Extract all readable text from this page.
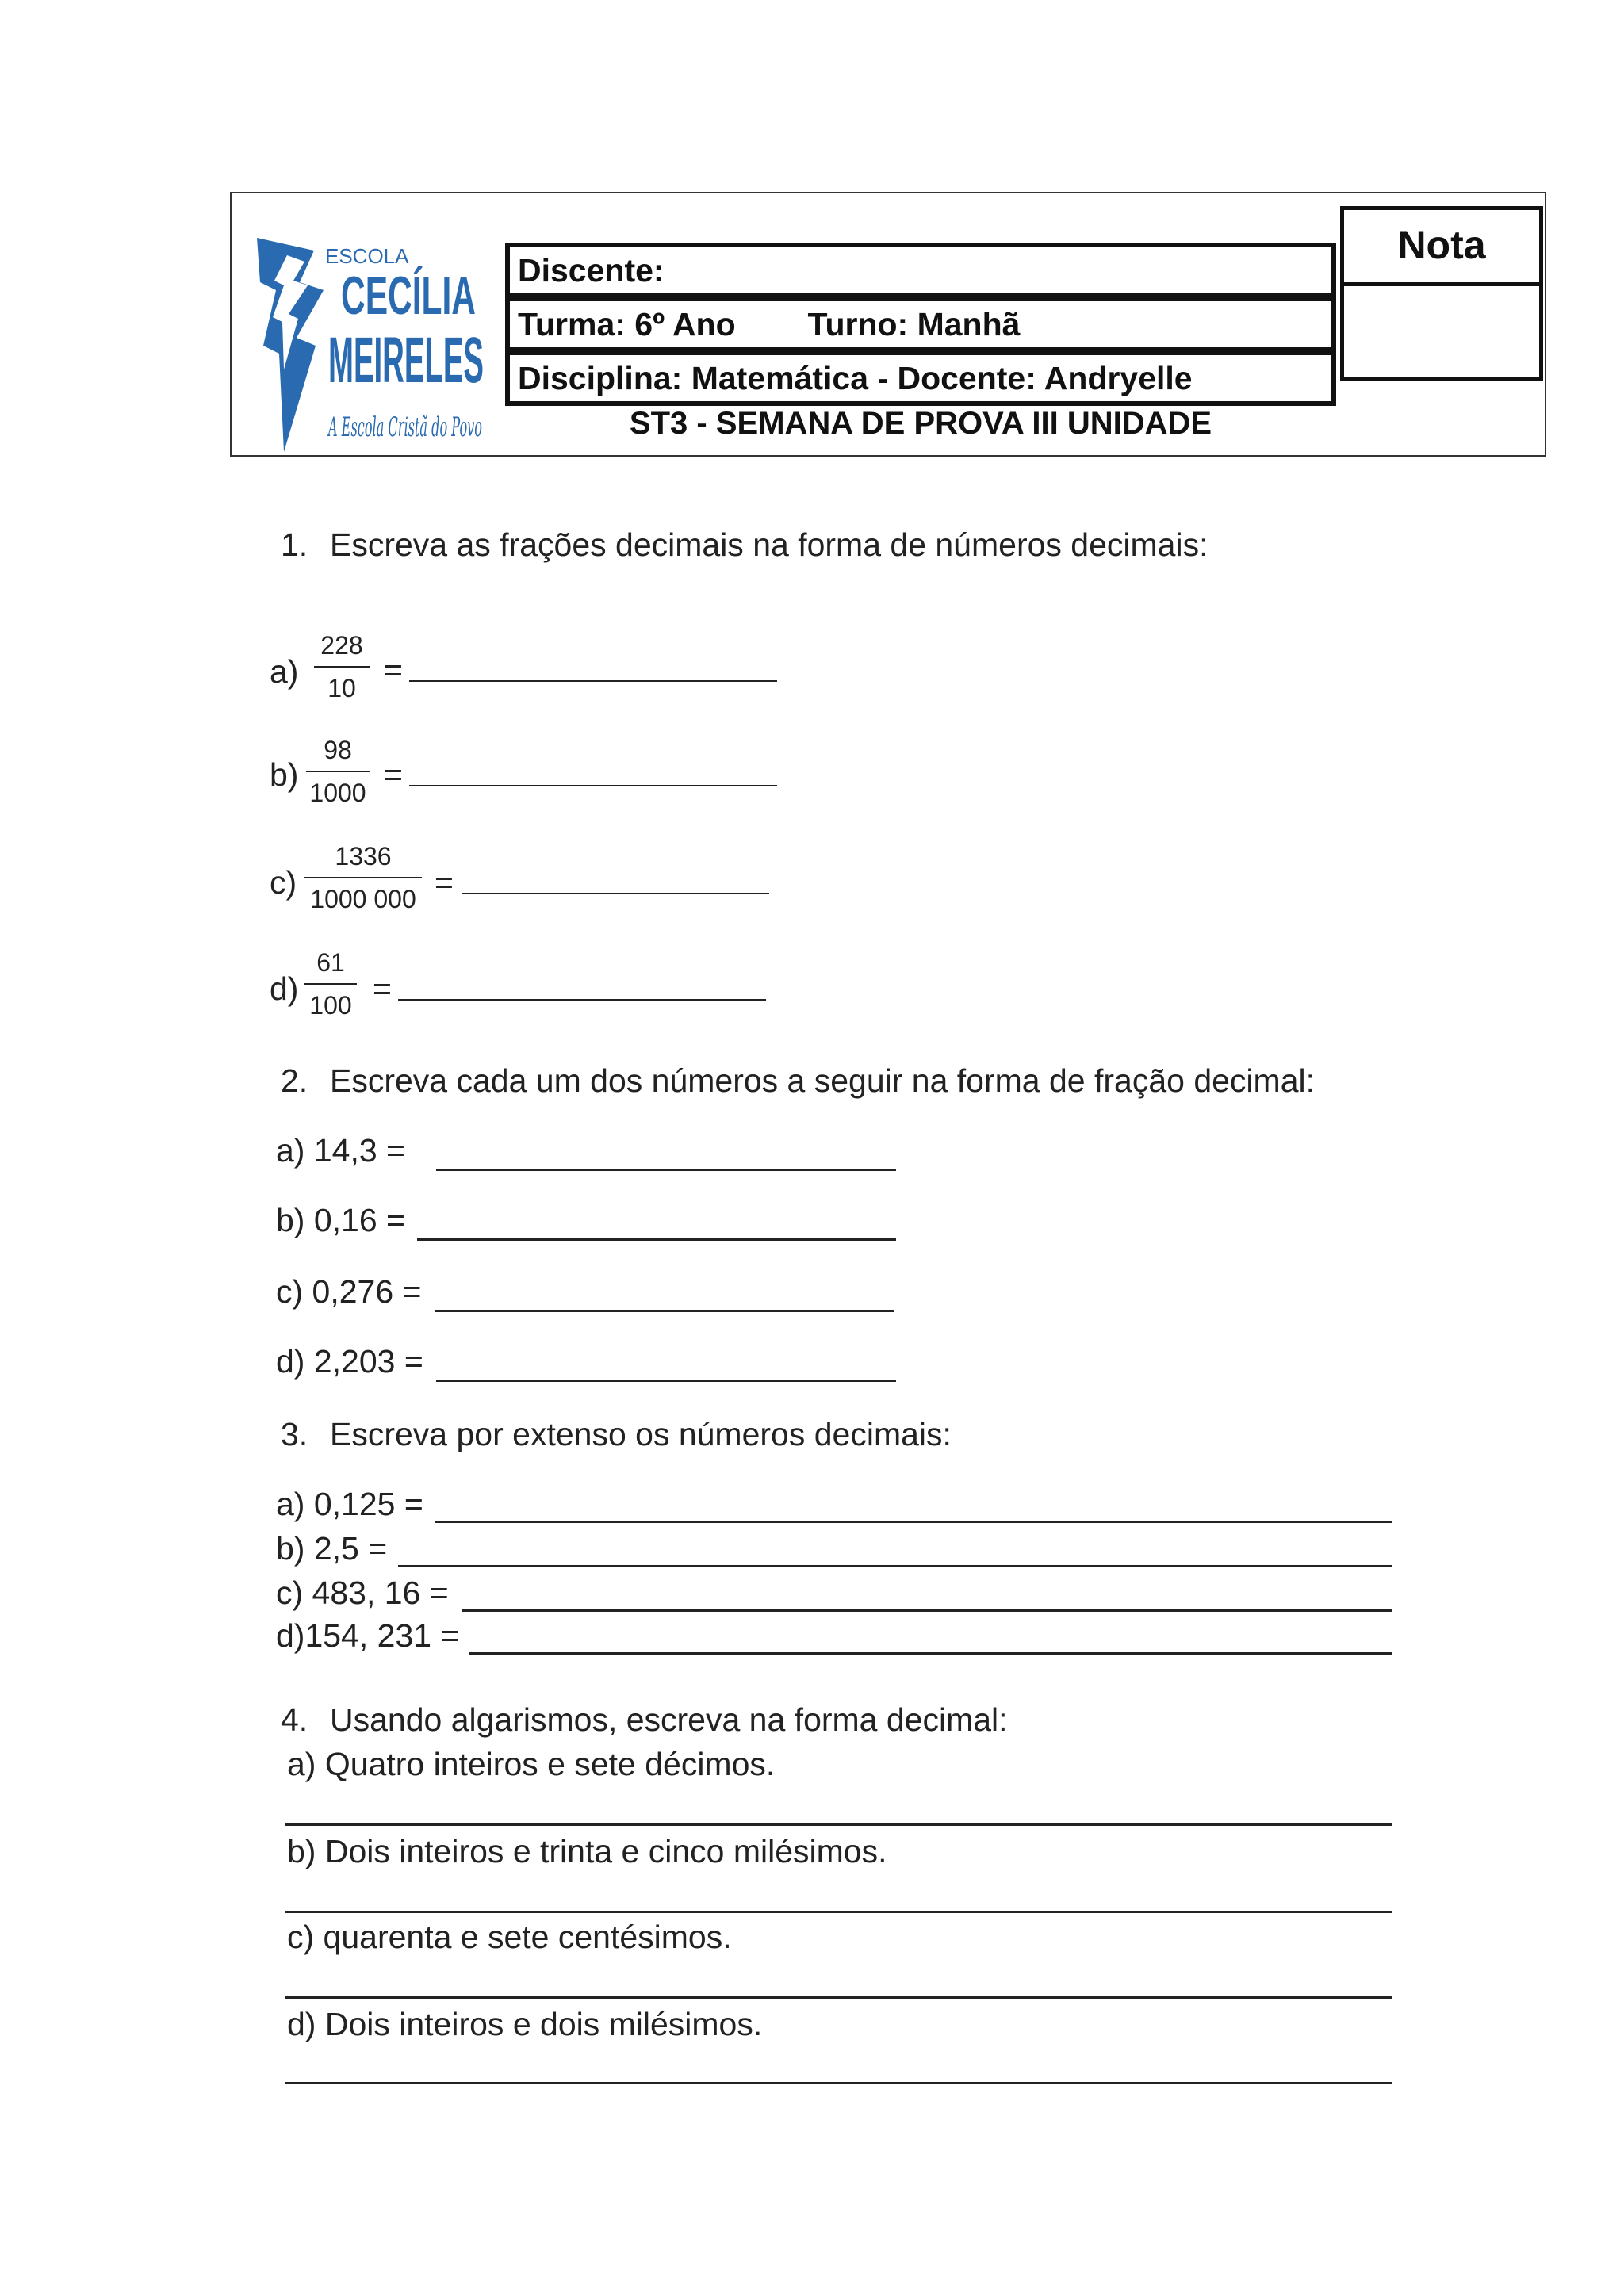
ESCOLA
CECÍLIA
MEIRELES
A Escola Cristã do Povo
Discente:
Turma: 6º Ano Turno: Manhã
Disciplina: Matemática - Docente: Andryelle
ST3 - SEMANA DE PROVA III UNIDADE
Nota
1. Escreva as frações decimais na forma de números decimais:
a)
228
10 =
b)
98
1000 =
c)
1336
1000 000 =
d)
61
100 =
2. Escreva cada um dos números a seguir na forma de fração decimal:
a) 14,3 =
b) 0,16 =
c) 0,276 =
d) 2,203 =
3. Escreva por extenso os números decimais:
a) 0,125 =
b) 2,5 =
c) 483, 16 =
d)154, 231 =
4. Usando algarismos, escreva na forma decimal:
a) Quatro inteiros e sete décimos.
b) Dois inteiros e trinta e cinco milésimos.
c) quarenta e sete centésimos.
d) Dois inteiros e dois milésimos.
